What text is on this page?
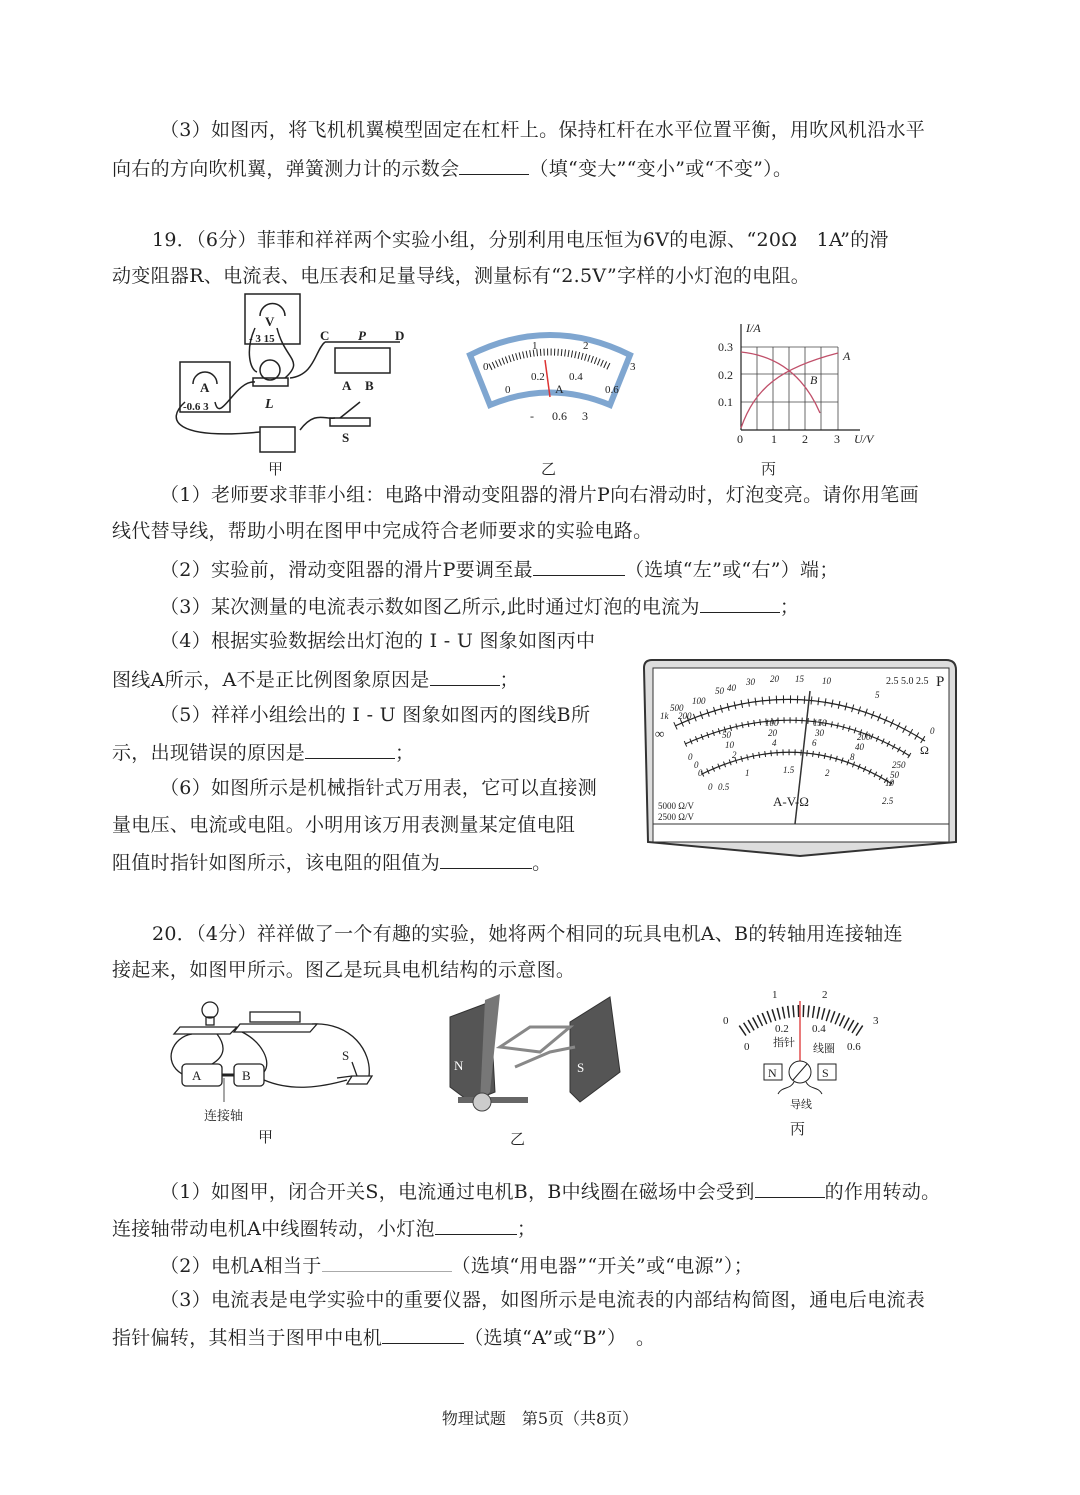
（3）如图丙，将飞机机翼模型固定在杠杆上。保持杠杆在水平位置平衡，用吹风机沿水平
向右的方向吹机翼，弹簧测力计的示数会	（填“变大”“变小”或“不变”）。
19．（6分）菲菲和祥祥两个实验小组，分别利用电压恒为6V的电源、“20Ω　1A”的滑
动变阻器R、电流表、电压表和足量导线，测量标有“2.5V”字样的小灯泡的电阻。
V
- 3 15
A
-0.6 3	L
C P D
A B
S
甲
0
1	2
3
0
0.2 0.4
0.6
A
- 0.6 3
乙
I/A
U/V
0.1
0.2
0.3
0 1 2 3
A
B
丙
（1）老师要求菲菲小组：电路中滑动变阻器的滑片P向右滑动时，灯泡变亮。请你用笔画
线代替导线，帮助小明在图甲中完成符合老师要求的实验电路。
（2）实验前，滑动变阻器的滑片P要调至最	（选填“左”或“右”）端；
（3）某次测量的电流表示数如图乙所示,此时通过灯泡的电流为	；
（4）根据实验数据绘出灯泡的 I - U 图象如图丙中
图线A所示，A不是正比例图象原因是	；
（5）祥祥小组绘出的 I - U 图象如图丙的图线B所
示，出现错误的原因是	；
（6）如图所示是机械指针式万用表，它可以直接测
量电压、电流或电阻。小明用该万用表测量某定值电阻
阻值时指针如图所示，该电阻的阻值为	。
∞
1k
500
200
100
50 40
30 20 15 10
5
0
0
50
100	150
200
250
0
10
20	30
40
50
0
2
4	6
8
10
0 0.5
1	1.5	2
2.5
A-V-Ω
5000 Ω/V
2500 Ω/V
2.5 5.0 2.5 P
Ω
20．（4分）祥祥做了一个有趣的实验，她将两个相同的玩具电机A、B的转轴用连接轴连
接起来，如图甲所示。图乙是玩具电机结构的示意图。
A	B
S
连接轴
甲
N	S
乙
0
1	2
3
0
0.2 0.4
0.6
指针 线圈
N	S
导线
丙
（1）如图甲，闭合开关S，电流通过电机B，B中线圈在磁场中会受到	的作用转动。
连接轴带动电机A中线圈转动，小灯泡	；
（2）电机A相当于	（选填“用电器”“开关”或“电源”）；
（3）电流表是电学实验中的重要仪器，如图所示是电流表的内部结构简图，通电后电流表
指针偏转，其相当于图甲中电机	（选填“A”或“B”）　。
物理试题　第5页（共8页）
